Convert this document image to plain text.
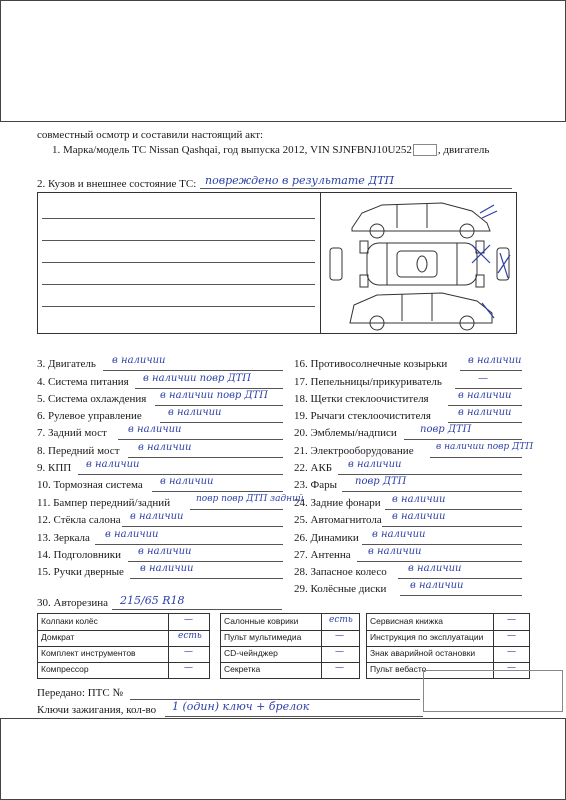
совместный осмотр и составили настоящий акт:
1. Марка/модель ТС Nissan Qashqai, год выпуска 2012, VIN SJNFBNJ10U252 , двигатель
2. Кузов и внешнее состояние ТС: повреждено в результате ДТП
3. Двигатель в наличии
4. Система питания в наличии повр ДТП
5. Система охлаждения в наличии повр ДТП
6. Рулевое управление	в наличии
7. Задний мост в наличии
8. Передний мост в наличии
9. КПП в наличии
10. Тормозная система в наличии
11. Бампер передний/задний	повр повр ДТП задний
12. Стёкла салона в наличии
13. Зеркала в наличии
14. Подголовники в наличии
15. Ручки дверные в наличии
16. Противосолнечные козырьки в наличии
17. Пепельницы/прикуриватель	—
18. Щетки стеклоочистителя	в наличии
19. Рычаги стеклоочистителя	в наличии
20. Эмблемы/надписи повр ДТП
21. Электрооборудование в наличии повр ДТП
22. АКБ в наличии
23. Фары повр ДТП
24. Задние фонари в наличии
25. Автомагнитола в наличии
26. Динамики в наличии
27. Антенна в наличии
28. Запасное колесо в наличии
29. Колёсные диски в наличии
30. Авторезина 215/65 R18
Колпаки колёс	—
Домкрат	есть
Комплект инструментов	—
Компрессор	—
Салонные коврики	есть
Пульт мультимедиа	—
CD-чейнджер	—
Секретка	—
Сервисная книжка	—
Инструкция по эксплуатации	—
Знак аварийной остановки	—
Пульт вебасто	—
Передано: ПТС №
Ключи зажигания, кол-во 1 (один) ключ + брелок
